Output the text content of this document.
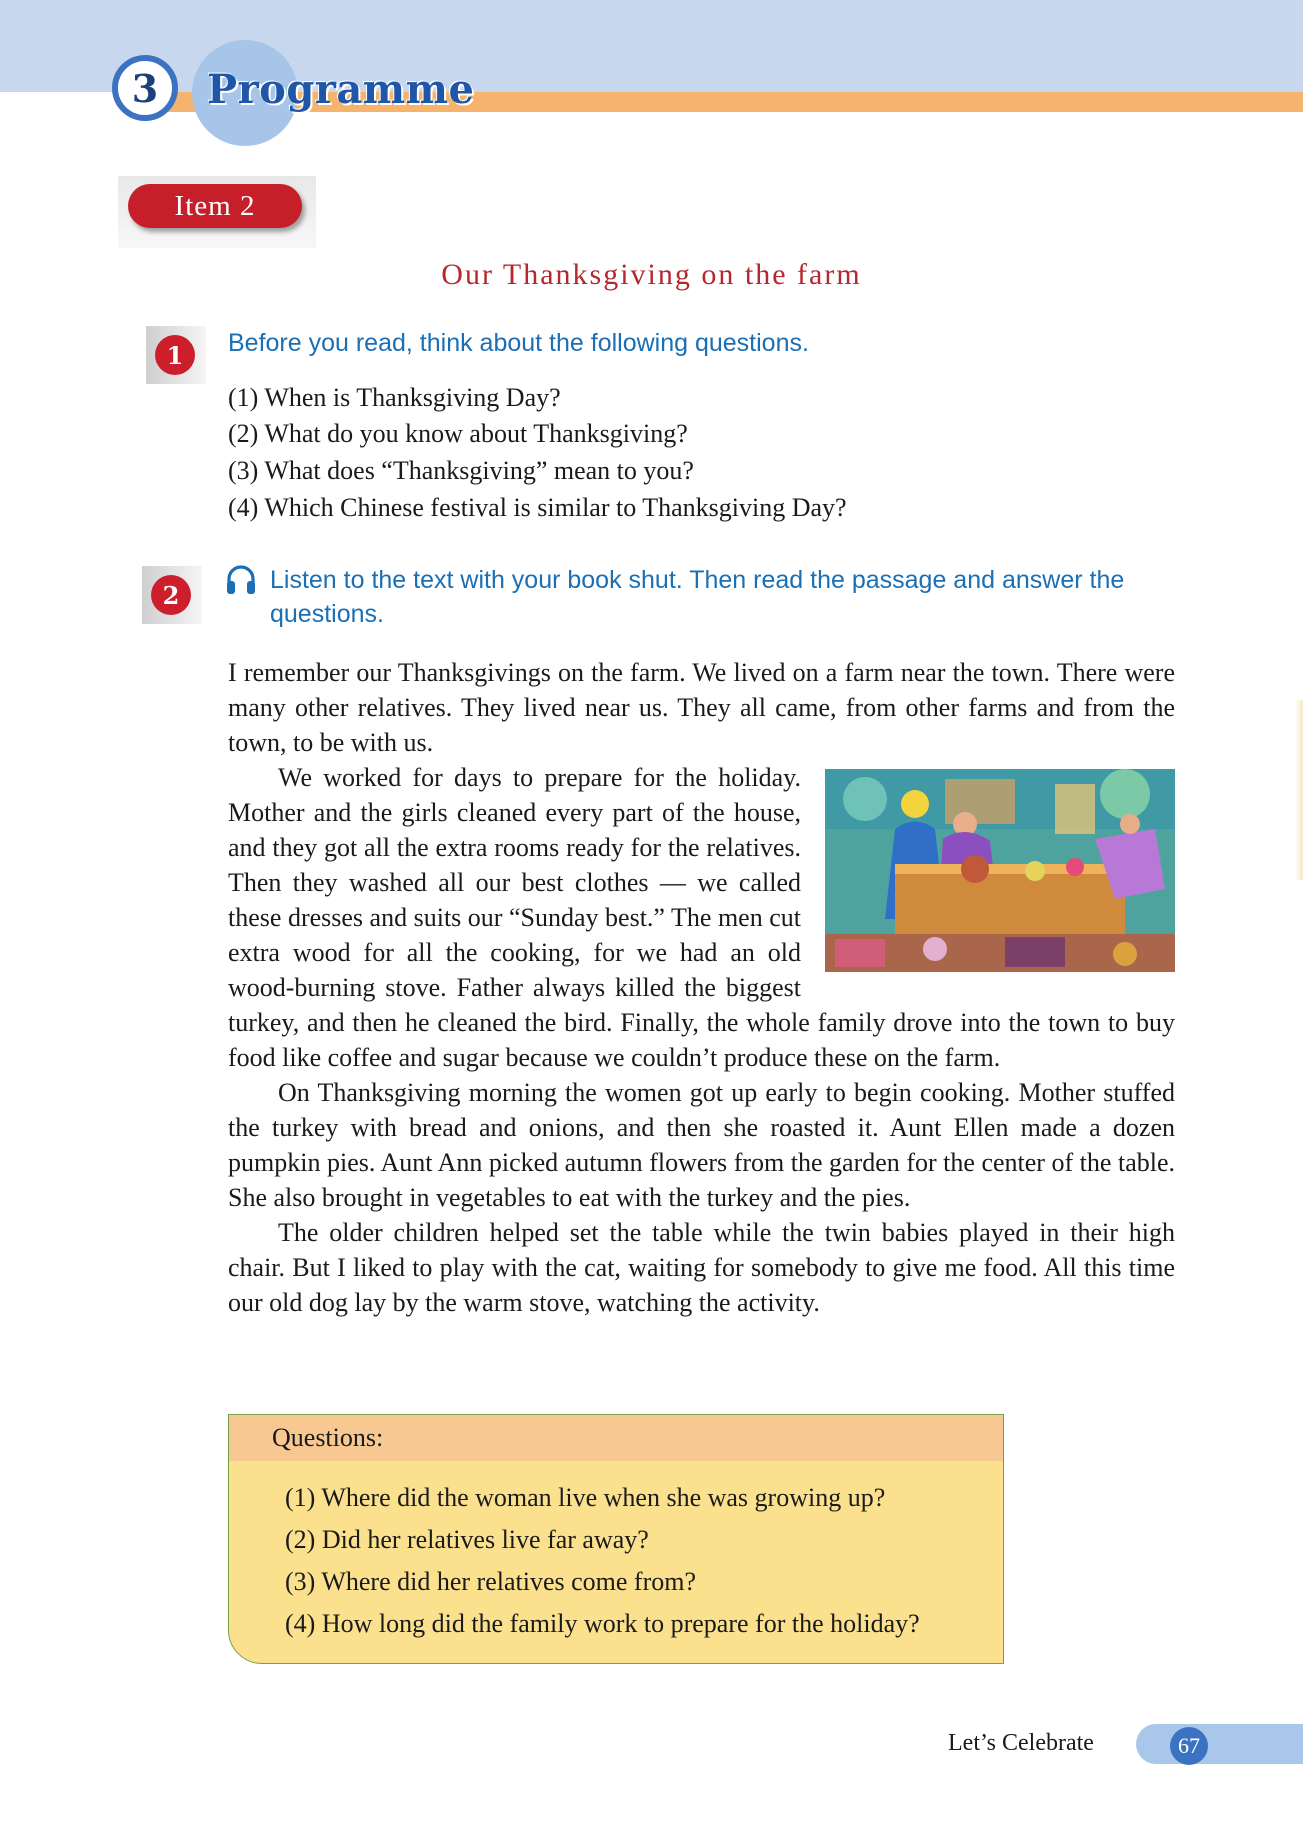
3	Programme
Item 2
Our Thanksgiving on the farm
1	Before you read, think about the following questions.
(1) When is Thanksgiving Day?
(2) What do you know about Thanksgiving?
(3) What does “Thanksgiving” mean to you?
(4) Which Chinese festival is similar to Thanksgiving Day?
2
Listen to the text with your book shut. Then read the passage and answer the questions.

I remember our Thanksgivings on the farm. We lived on a farm near the town. There were many other relatives. They lived near us. They all came, from other farms and from the town, to be with us.

We worked for days to prepare for the holiday. Mother and the girls cleaned every part of the house, and they got all the extra rooms ready for the relatives. Then they washed all our best clothes — we called these dresses and suits our “Sunday best.” The men cut extra wood for all the cooking, for we had an old wood-burning stove. Father always killed the biggest turkey, and then he cleaned the bird. Finally, the whole family drove into the town to buy food like coffee and sugar because we couldn’t produce these on the farm.

On Thanksgiving morning the women got up early to begin cooking. Mother stuffed the turkey with bread and onions, and then she roasted it. Aunt Ellen made a dozen pumpkin pies. Aunt Ann picked autumn flowers from the garden for the center of the table. She also brought in vegetables to eat with the turkey and the pies.

The older children helped set the table while the twin babies played in their high chair. But I liked to play with the cat, waiting for somebody to give me food. All this time our old dog lay by the warm stove, watching the activity.

Questions:
(1) Where did the woman live when she was growing up?
(2) Did her relatives live far away?
(3) Where did her relatives come from?
(4) How long did the family work to prepare for the holiday?
Let’s Celebrate	67
